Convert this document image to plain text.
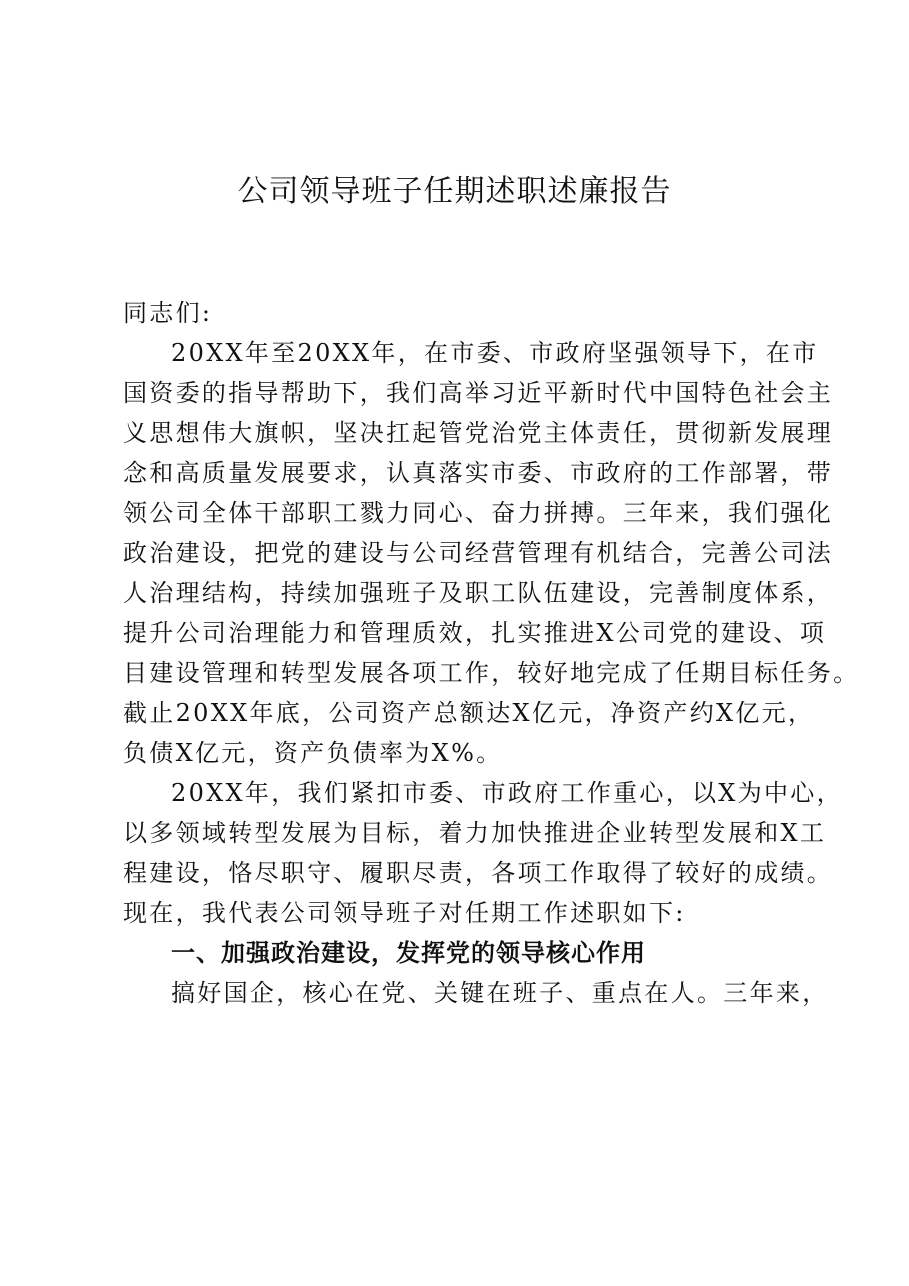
公司领导班子任期述职述廉报告
同志们:
20XX年至20XX年，在市委、市政府坚强领导下，在市
国资委的指导帮助下，我们高举习近平新时代中国特色社会主
义思想伟大旗帜，坚决扛起管党治党主体责任，贯彻新发展理
念和高质量发展要求，认真落实市委、市政府的工作部署，带
领公司全体干部职工戮力同心、奋力拼搏。三年来，我们强化
政治建设，把党的建设与公司经营管理有机结合，完善公司法
人治理结构，持续加强班子及职工队伍建设，完善制度体系，
提升公司治理能力和管理质效，扎实推进X公司党的建设、项
目建设管理和转型发展各项工作，较好地完成了任期目标任务。
截止20XX年底，公司资产总额达X亿元，净资产约X亿元，
负债X亿元，资产负债率为X%。
20XX年，我们紧扣市委、市政府工作重心，以X为中心，
以多领域转型发展为目标，着力加快推进企业转型发展和X工
程建设，恪尽职守、履职尽责，各项工作取得了较好的成绩。
现在，我代表公司领导班子对任期工作述职如下:
一、加强政治建设，发挥党的领导核心作用
搞好国企，核心在党、关键在班子、重点在人。三年来，
